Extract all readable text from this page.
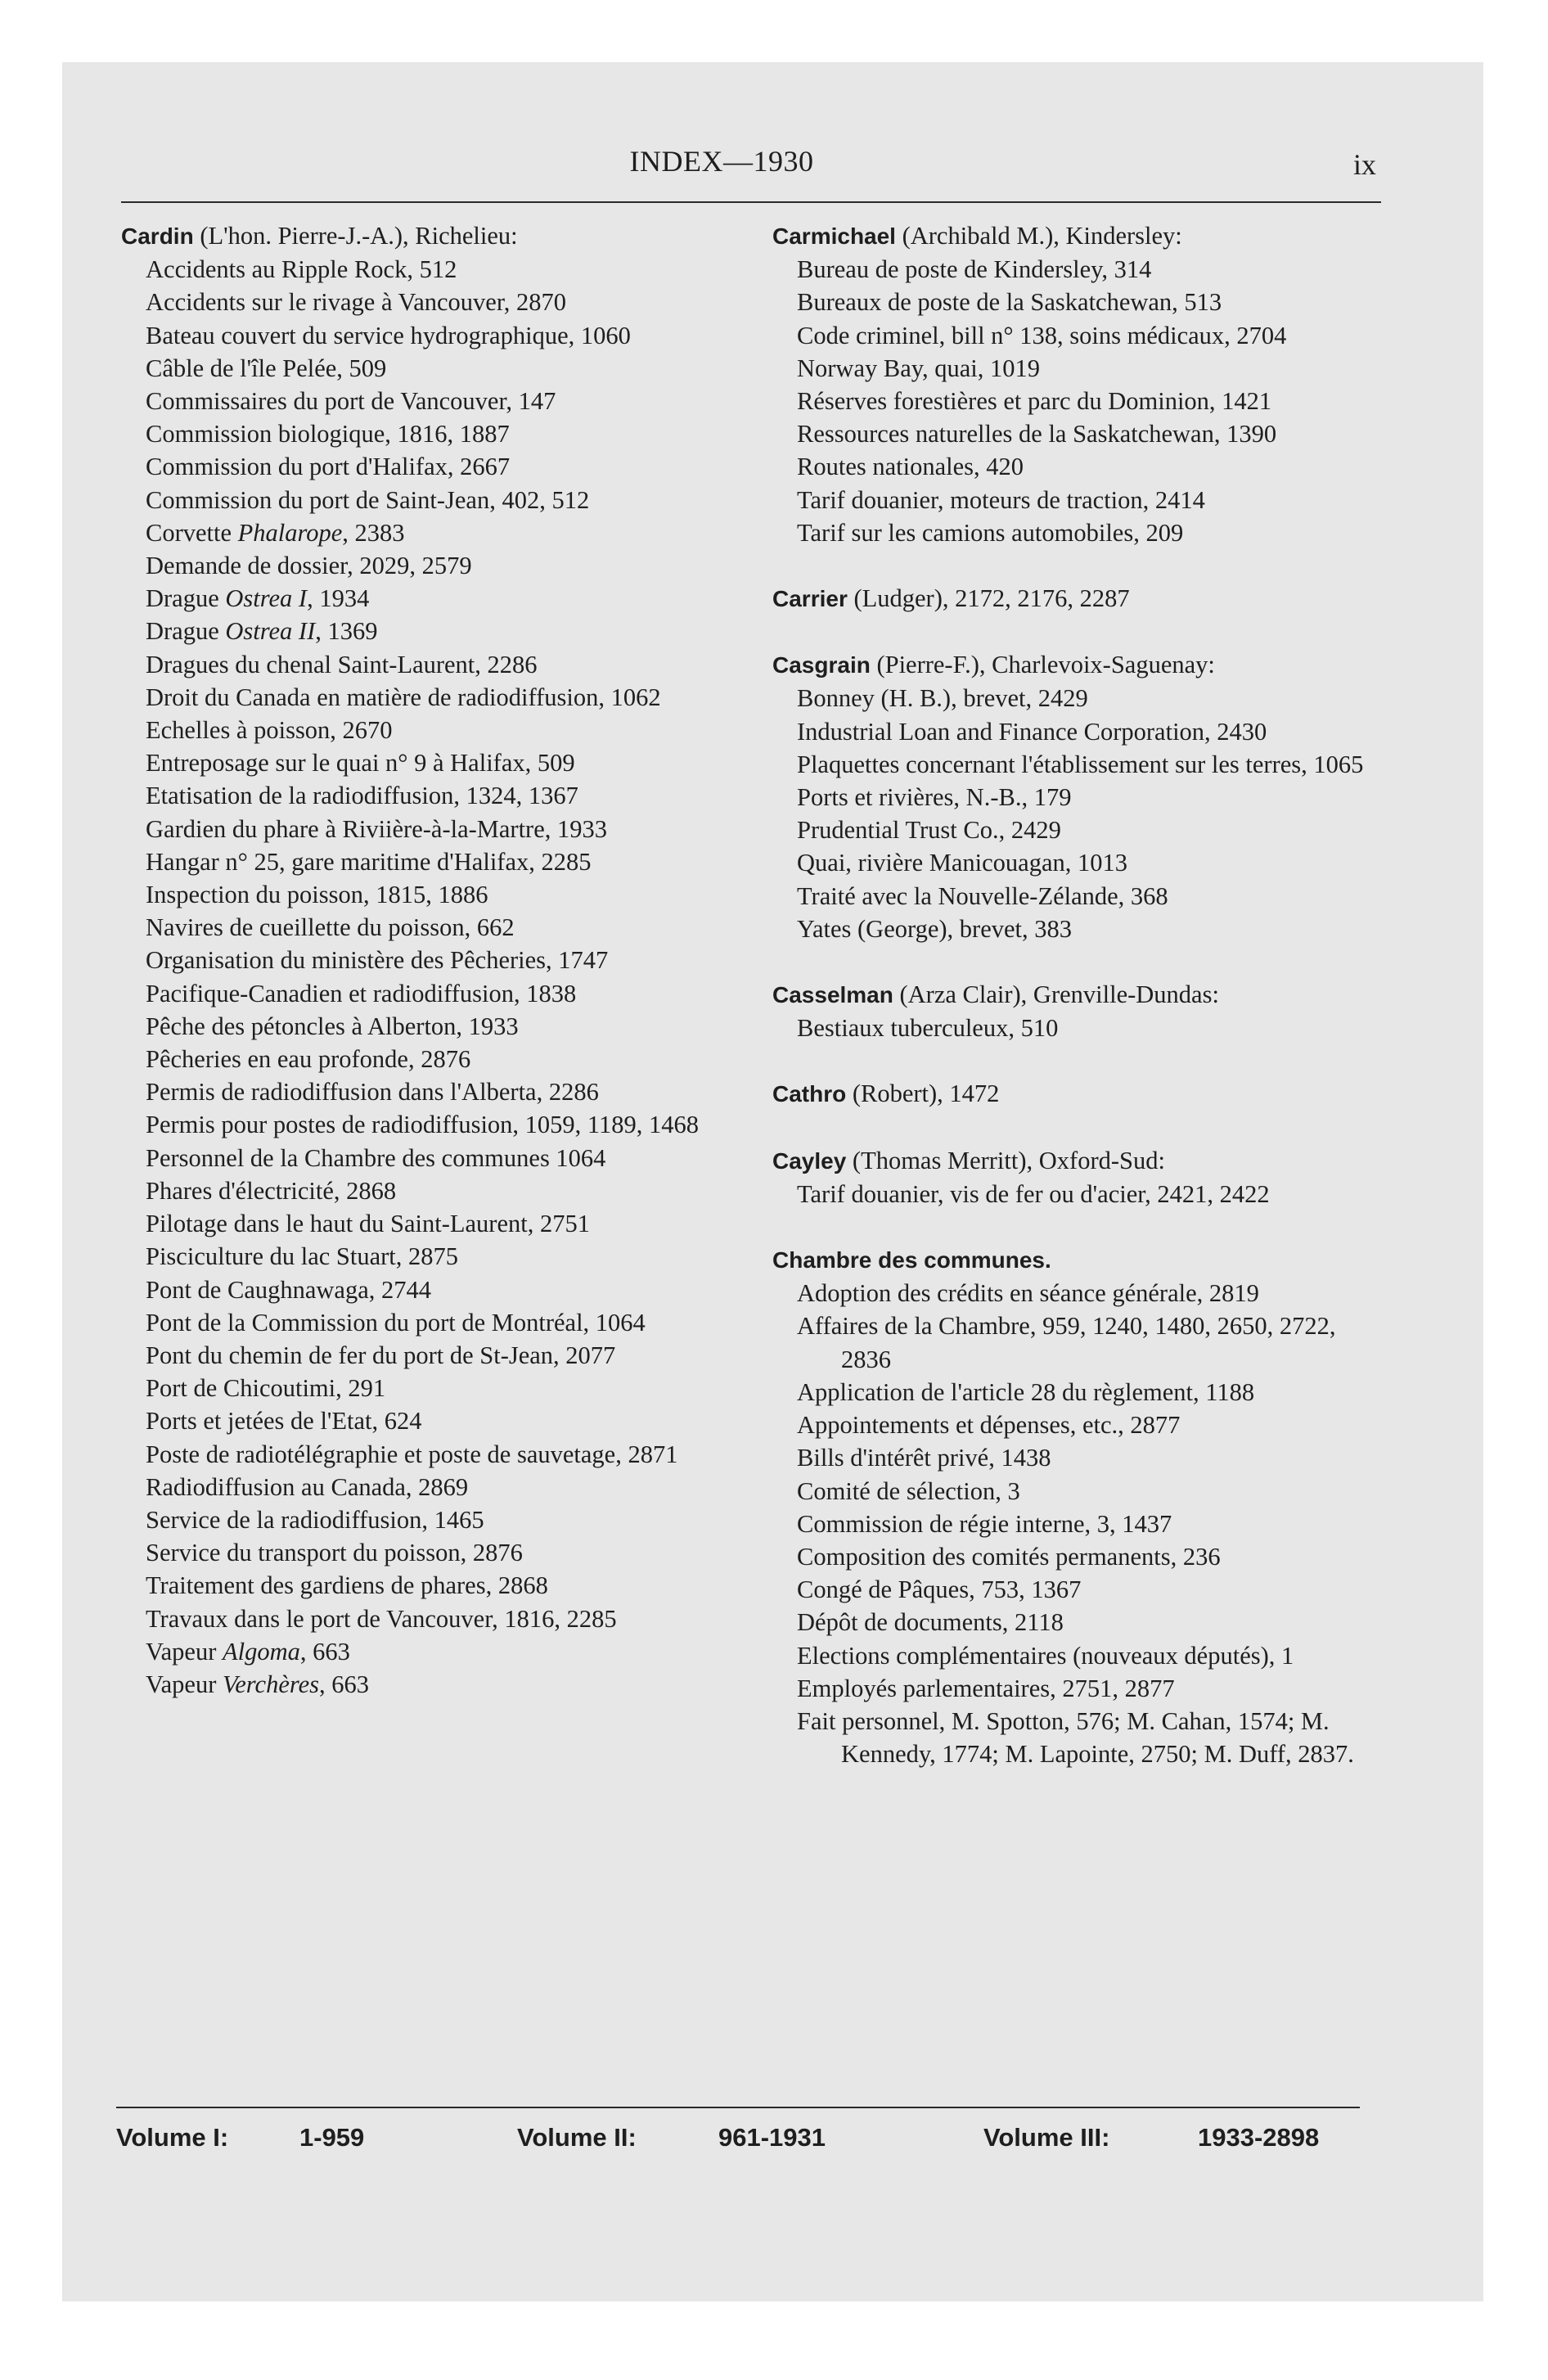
INDEX—1930	ix

Cardin (L'hon. Pierre-J.-A.), Richelieu:

Accidents au Ripple Rock, 512

Accidents sur le rivage à Vancouver, 2870

Bateau couvert du service hydrographique, 1060

Câble de l'île Pelée, 509

Commissaires du port de Vancouver, 147

Commission biologique, 1816, 1887

Commission du port d'Halifax, 2667

Commission du port de Saint-Jean, 402, 512

Corvette Phalarope, 2383

Demande de dossier, 2029, 2579

Drague Ostrea I, 1934

Drague Ostrea II, 1369

Dragues du chenal Saint-Laurent, 2286

Droit du Canada en matière de radiodiffusion, 1062

Echelles à poisson, 2670

Entreposage sur le quai n° 9 à Halifax, 509

Etatisation de la radiodiffusion, 1324, 1367

Gardien du phare à Riviière-à-la-Martre, 1933

Hangar n° 25, gare maritime d'Halifax, 2285

Inspection du poisson, 1815, 1886

Navires de cueillette du poisson, 662

Organisation du ministère des Pêcheries, 1747

Pacifique-Canadien et radiodiffusion, 1838

Pêche des pétoncles à Alberton, 1933

Pêcheries en eau profonde, 2876

Permis de radiodiffusion dans l'Alberta, 2286

Permis pour postes de radiodiffusion, 1059, 1189, 1468

Personnel de la Chambre des communes 1064

Phares d'électricité, 2868

Pilotage dans le haut du Saint-Laurent, 2751

Pisciculture du lac Stuart, 2875

Pont de Caughnawaga, 2744

Pont de la Commission du port de Montréal, 1064

Pont du chemin de fer du port de St-Jean, 2077

Port de Chicoutimi, 291

Ports et jetées de l'Etat, 624

Poste de radiotélégraphie et poste de sauvetage, 2871

Radiodiffusion au Canada, 2869

Service de la radiodiffusion, 1465

Service du transport du poisson, 2876

Traitement des gardiens de phares, 2868

Travaux dans le port de Vancouver, 1816, 2285

Vapeur Algoma, 663

Vapeur Verchères, 663

Carmichael (Archibald M.), Kindersley:

Bureau de poste de Kindersley, 314

Bureaux de poste de la Saskatchewan, 513

Code criminel, bill n° 138, soins médicaux, 2704

Norway Bay, quai, 1019

Réserves forestières et parc du Dominion, 1421

Ressources naturelles de la Saskatchewan, 1390

Routes nationales, 420

Tarif douanier, moteurs de traction, 2414

Tarif sur les camions automobiles, 209

Carrier (Ludger), 2172, 2176, 2287

Casgrain (Pierre-F.), Charlevoix-Saguenay:

Bonney (H. B.), brevet, 2429

Industrial Loan and Finance Corporation, 2430

Plaquettes concernant l'établissement sur les terres, 1065

Ports et rivières, N.-B., 179

Prudential Trust Co., 2429

Quai, rivière Manicouagan, 1013

Traité avec la Nouvelle-Zélande, 368

Yates (George), brevet, 383

Casselman (Arza Clair), Grenville-Dundas:

Bestiaux tuberculeux, 510

Cathro (Robert), 1472

Cayley (Thomas Merritt), Oxford-Sud:

Tarif douanier, vis de fer ou d'acier, 2421, 2422

Chambre des communes.

Adoption des crédits en séance générale, 2819

Affaires de la Chambre, 959, 1240, 1480, 2650, 2722, 2836

Application de l'article 28 du règlement, 1188

Appointements et dépenses, etc., 2877

Bills d'intérêt privé, 1438

Comité de sélection, 3

Commission de régie interne, 3, 1437

Composition des comités permanents, 236

Congé de Pâques, 753, 1367

Dépôt de documents, 2118

Elections complémentaires (nouveaux députés), 1

Employés parlementaires, 2751, 2877

Fait personnel, M. Spotton, 576; M. Cahan, 1574; M. Kennedy, 1774; M. Lapointe, 2750; M. Duff, 2837.

Volume I:	1-959	Volume II:	961-1931	Volume III:	1933-2898
